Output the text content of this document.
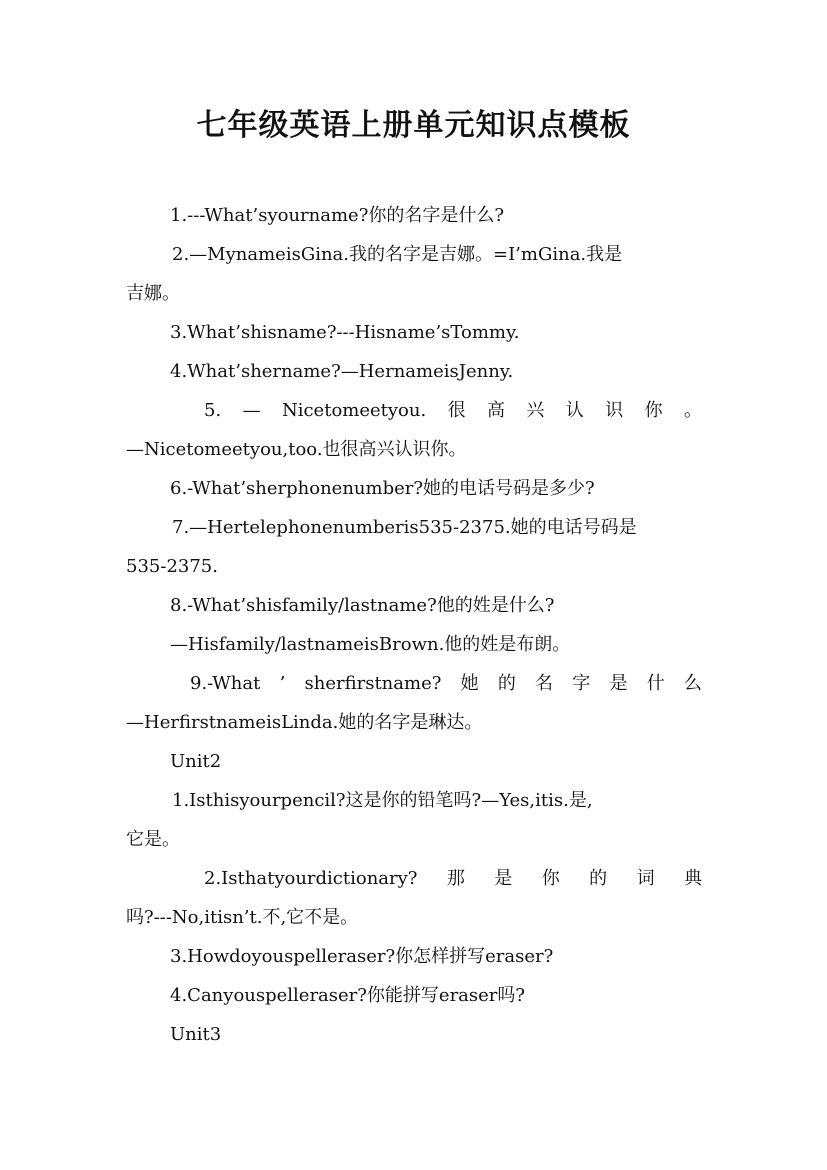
七年级英语上册单元知识点模板
1.---What’syourname?你的名字是什么?
2.—MynameisGina.我的名字是吉娜。=I’mGina.我是
吉娜。
3.What’shisname?---Hisname’sTommy.
4.What’shername?—HernameisJenny.
5. — Nicetomeetyou. 很 高 兴 认 识 你 。
—Nicetomeetyou,too.也很高兴认识你。
6.-What’sherphonenumber?她的电话号码是多少?
7.—Hertelephonenumberis535-2375.她的电话号码是
535-2375.
8.-What’shisfamily/lastname?他的姓是什么?
—Hisfamily/lastnameisBrown.他的姓是布朗。
9.-What ’ sherfirstname? 她 的 名 字 是 什 么
—HerfirstnameisLinda.她的名字是琳达。
Unit2
1.Isthisyourpencil?这是你的铅笔吗?—Yes,itis.是,
它是。
2.Isthatyourdictionary? 那 是 你 的 词 典
吗?---No,itisn’t.不,它不是。
3.Howdoyouspelleraser?你怎样拼写eraser?
4.Canyouspelleraser?你能拼写eraser吗?
Unit3
